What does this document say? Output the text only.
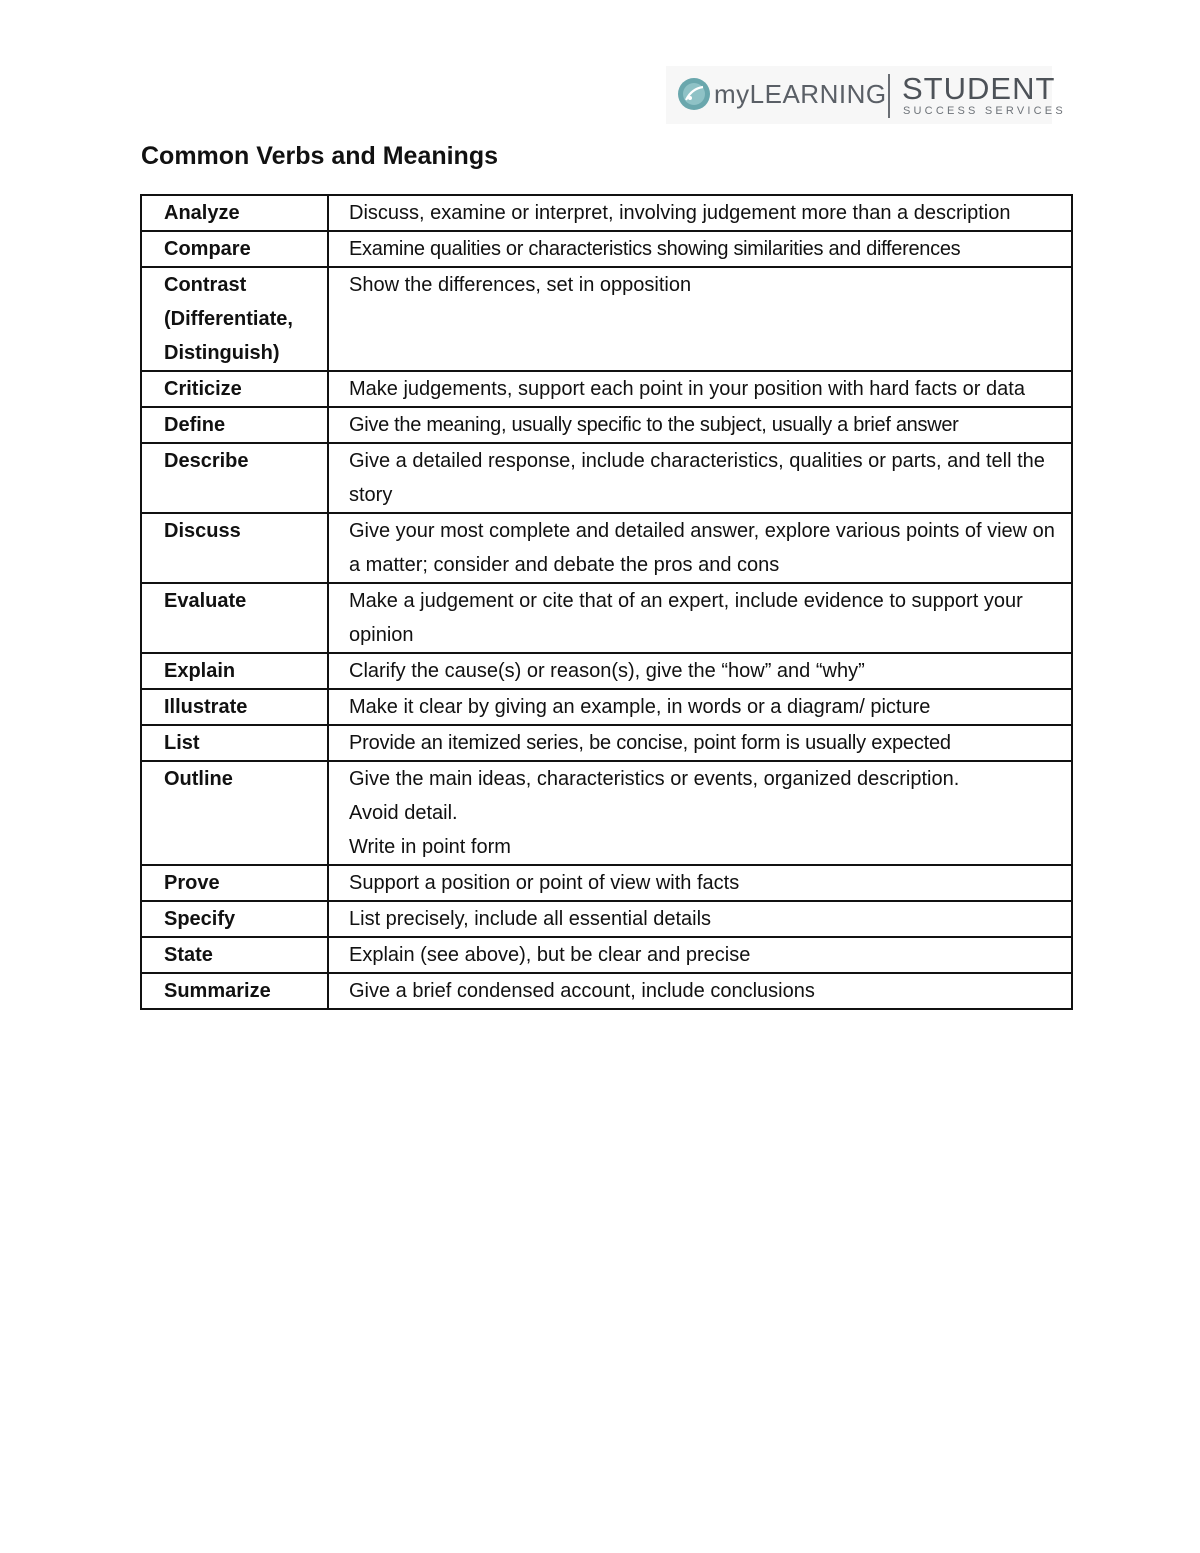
myLEARNING STUDENT
SUCCESS SERVICES
Common Verbs and Meanings
Analyze	Discuss, examine or interpret, involving judgement more than a description
Compare	Examine qualities or characteristics showing similarities and differences
Contrast (Differentiate, Distinguish)	Show the differences, set in opposition
Criticize	Make judgements, support each point in your position with hard facts or data
Define	Give the meaning, usually specific to the subject, usually a brief answer
Describe	Give a detailed response, include characteristics, qualities or parts, and tell the story
Discuss	Give your most complete and detailed answer, explore various points of view on a matter; consider and debate the pros and cons
Evaluate	Make a judgement or cite that of an expert, include evidence to support your opinion
Explain	Clarify the cause(s) or reason(s), give the “how” and “why”
Illustrate	Make it clear by giving an example, in words or a diagram/ picture
List	Provide an itemized series, be concise, point form is usually expected
Outline	Give the main ideas, characteristics or events, organized description.
Avoid detail.
Write in point form

Prove	Support a position or point of view with facts
Specify	List precisely, include all essential details
State	Explain (see above), but be clear and precise
Summarize	Give a brief condensed account, include conclusions
